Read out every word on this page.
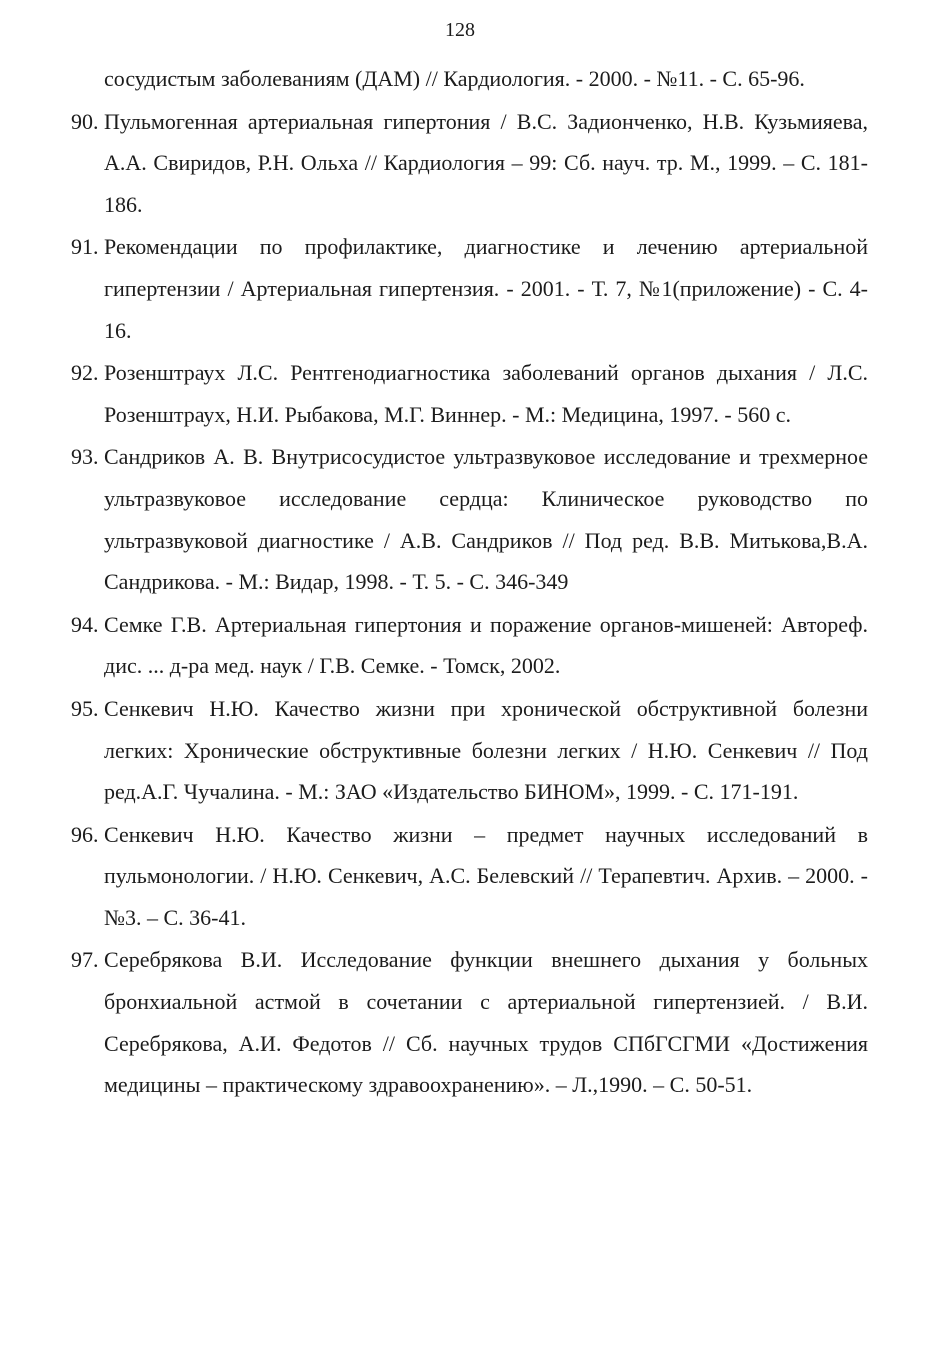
128
сосудистым заболеваниям (ДАМ) // Кардиология. - 2000. - №11. - С. 65-96.
90. Пульмогенная артериальная гипертония / В.С. Задионченко, Н.В. Кузьмияева, А.А. Свиридов, Р.Н. Ольха // Кардиология – 99: Сб. науч. тр. М., 1999. – С. 181-186.
91. Рекомендации по профилактике, диагностике и лечению артериальной гипертензии / Артериальная гипертензия. - 2001. - Т. 7, №1(приложение) - С. 4-16.
92. Розенштраух Л.С. Рентгенодиагностика заболеваний органов дыхания / Л.С. Розенштраух, Н.И. Рыбакова, М.Г. Виннер. - М.: Медицина, 1997. - 560 с.
93. Сандриков А. В. Внутрисосудистое ультразвуковое исследование и трехмерное ультразвуковое исследование сердца: Клиническое руководство по ультразвуковой диагностике / А.В. Сандриков // Под ред. В.В. Митькова,В.А. Сандрикова. - М.: Видар, 1998. - Т. 5. - С. 346-349
94. Семке Г.В. Артериальная гипертония и поражение органов-мишеней: Автореф. дис. ... д-ра мед. наук / Г.В. Семке. - Томск, 2002.
95. Сенкевич Н.Ю. Качество жизни при хронической обструктивной болезни легких: Хронические обструктивные болезни легких / Н.Ю. Сенкевич // Под ред.А.Г. Чучалина. - М.: ЗАО «Издательство БИНОМ», 1999. - С. 171-191.
96. Сенкевич Н.Ю. Качество жизни – предмет научных исследований в пульмонологии. / Н.Ю. Сенкевич, А.С. Белевский // Терапевтич. Архив. – 2000. - №3. – С. 36-41.
97. Серебрякова В.И. Исследование функции внешнего дыхания у больных бронхиальной астмой в сочетании с артериальной гипертензией. / В.И. Серебрякова, А.И. Федотов // Сб. научных трудов СПбГСГМИ «Достижения медицины – практическому здравоохранению». – Л.,1990. – С. 50-51.
